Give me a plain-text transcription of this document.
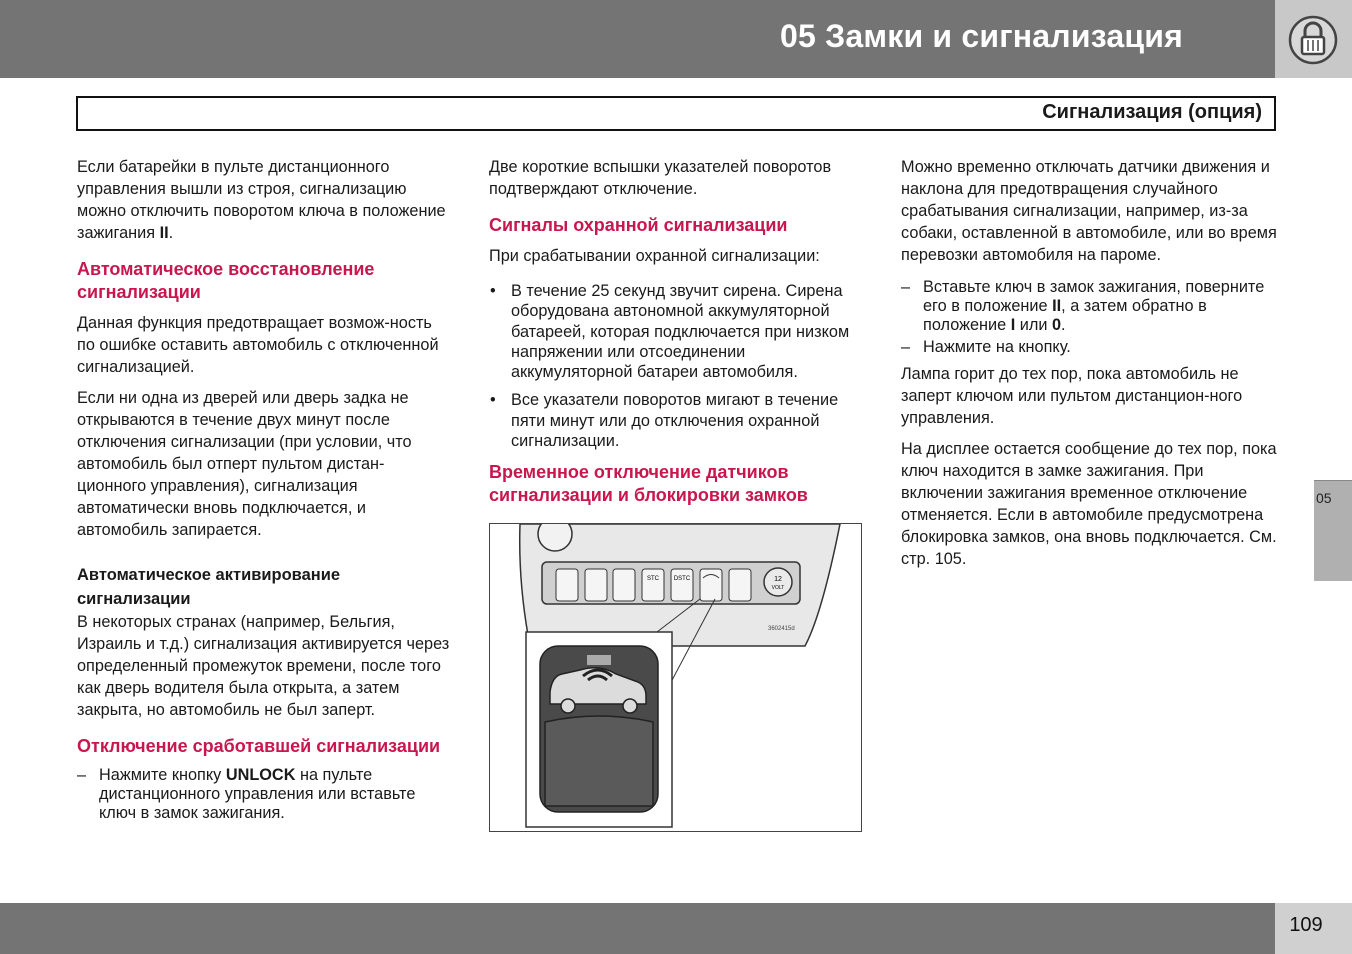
05 Замки и сигнализация
Сигнализация (опция)

Если батарейки в пульте дистанционного управления вышли из строя, сигнализацию можно отключить поворотом ключа в положение зажигания II.

Автоматическое восстановление сигнализации

Данная функция предотвращает возмож-ность по ошибке оставить автомобиль с отключенной сигнализацией.

Если ни одна из дверей или дверь задка не открываются в течение двух минут после отключения сигнализации (при условии, что автомобиль был отперт пультом дистан-ционного управления), сигнализация автоматически вновь подключается, и автомобиль запирается.

Автоматическое активирование сигнализации

В некоторых странах (например, Бельгия, Израиль и т.д.) сигнализация активируется через определенный промежуток времени, после того как дверь водителя была открыта, а затем закрыта, но автомобиль не был заперт.

Отключение сработавшей сигнализации
– Нажмите кнопку UNLOCK на пульте дистанционного управления или вставьте ключ в замок зажигания.

Две короткие вспышки указателей поворотов подтверждают отключение.

Сигналы охранной сигнализации

При срабатывании охранной сигнализации:

• В течение 25 секунд звучит сирена. Сирена оборудована автономной аккумуляторной батареей, которая подключается при низком напряжении или отсоединении аккумуляторной батареи автомобиля.
• Все указатели поворотов мигают в течение пяти минут или до отключения охранной сигнализации.
Временное отключение датчиков сигнализации и блокировки замков
STC DSTC	12
VOLT
3602415d

Можно временно отключать датчики движения и наклона для предотвращения случайного срабатывания сигнализации, например, из-за собаки, оставленной в автомобиле, или во время перевозки автомобиля на пароме.

– Вставьте ключ в замок зажигания, поверните его в положение II, а затем обратно в положение I или 0.
– Нажмите на кнопку.

Лампа горит до тех пор, пока автомобиль не заперт ключом или пультом дистанцион-ного управления.

На дисплее остается сообщение до тех пор, пока ключ находится в замке зажигания. При включении зажигания временное отключение отменяется. Если в автомобиле предусмотрена блокировка замков, она вновь подключается. См. стр. 105.

05
109
